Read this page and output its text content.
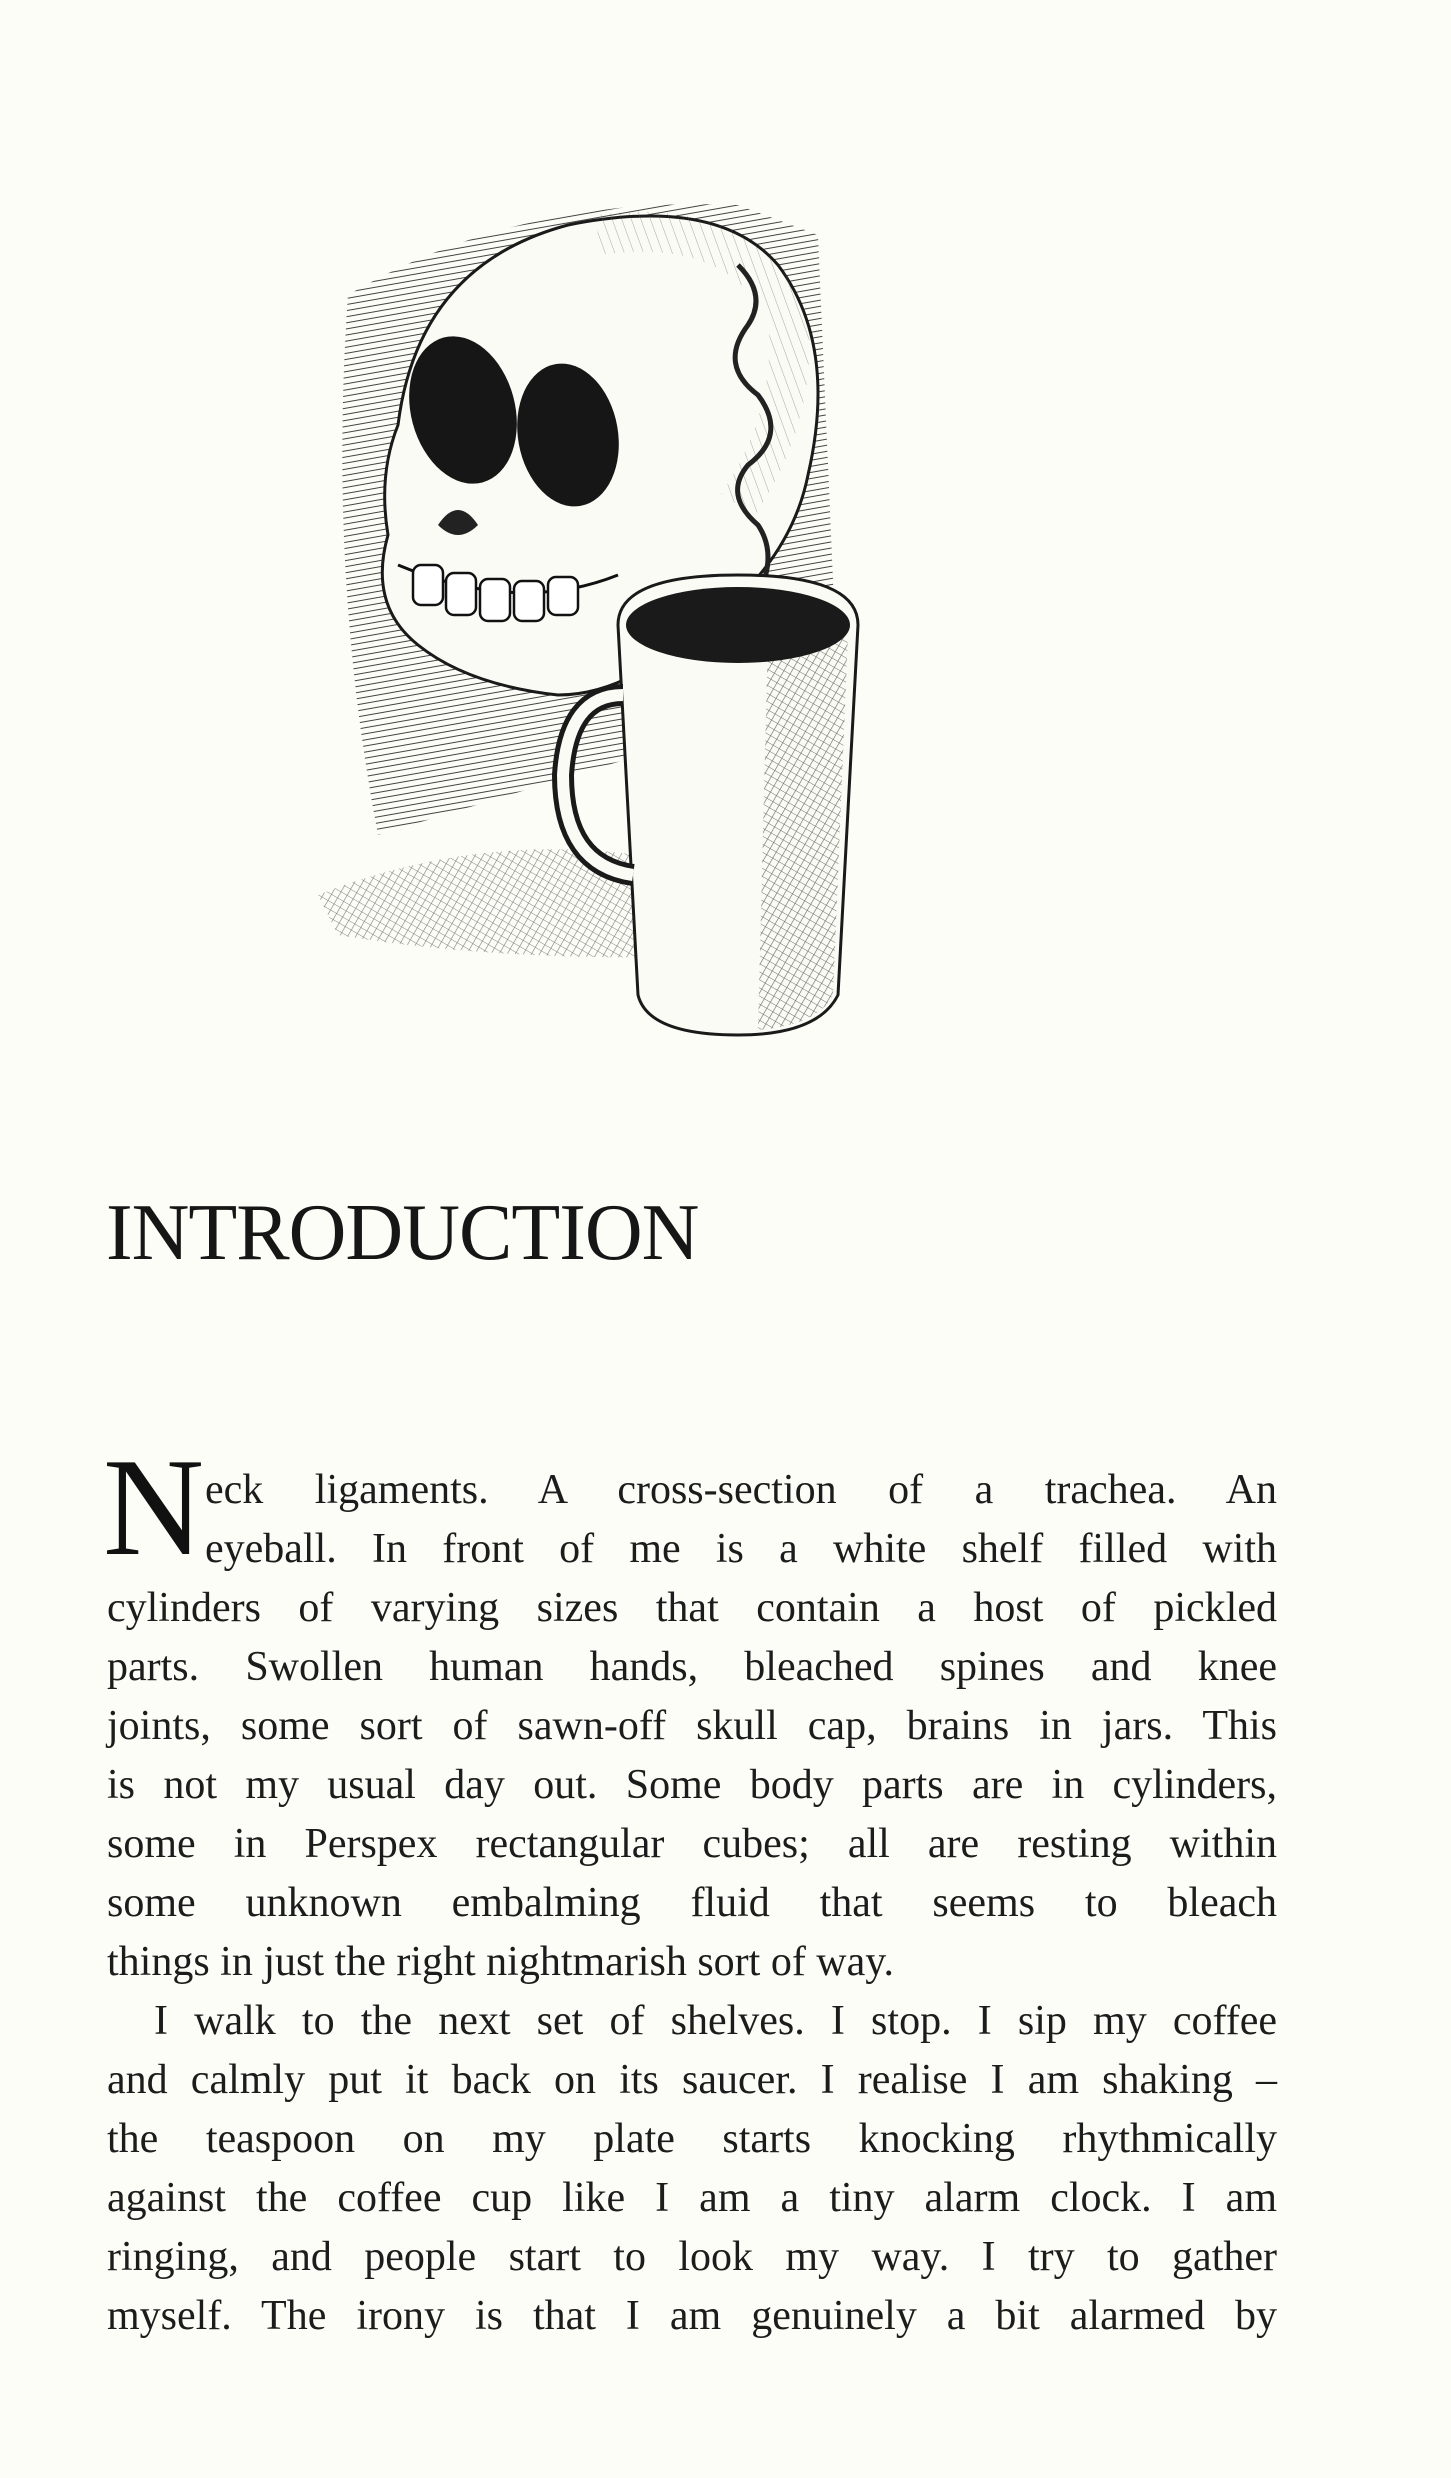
INTRODUCTION
N eck ligaments. A cross-section of a trachea. An
eyeball. In front of me is a white shelf filled with
cylinders of varying sizes that contain a host of pickled
parts. Swollen human hands, bleached spines and knee
joints, some sort of sawn-off skull cap, brains in jars. This
is not my usual day out. Some body parts are in cylinders,
some in Perspex rectangular cubes; all are resting within
some unknown embalming fluid that seems to bleach
things in just the right nightmarish sort of way.
I walk to the next set of shelves. I stop. I sip my coffee
and calmly put it back on its saucer. I realise I am shaking –
the teaspoon on my plate starts knocking rhythmically
against the coffee cup like I am a tiny alarm clock. I am
ringing, and people start to look my way. I try to gather
myself. The irony is that I am genuinely a bit alarmed by
